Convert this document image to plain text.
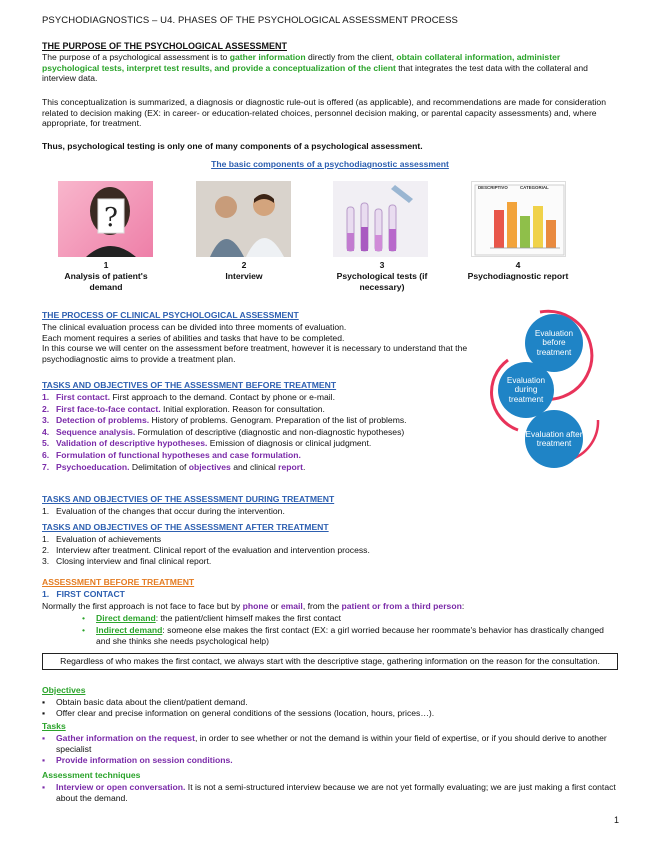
PSYCHODIAGNOSTICS – U4. PHASES OF THE PSYCHOLOGICAL ASSESSMENT PROCESS
THE PURPOSE OF THE PSYCHOLOGICAL ASSESSMENT
The purpose of a psychological assessment is to gather information directly from the client, obtain collateral information, administer psychological tests, interpret test results, and provide a conceptualization of the client that integrates the test data with the collateral and interview data.
This conceptualization is summarized, a diagnosis or diagnostic rule-out is offered (as applicable), and recommendations are made for consideration related to decision making (EX: in career- or education-related choices, personnel decision making, or parental capacity assessments) and, where appropriate, for treatment.
Thus, psychological testing is only one of many components of a psychological assessment.
The basic components of a psychodiagnostic assessment
?
DESCRIPTIVO	CATEGORIAL
1
Analysis of patient's demand
2
Interview
3
Psychological tests (if necessary)
4
Psychodiagnostic report
THE PROCESS OF CLINICAL PSYCHOLOGICAL ASSESSMENT
The clinical evaluation process can be divided into three moments of evaluation.
Each moment requires a series of abilities and tasks that have to be completed.
In this course we will center on the assessment before treatment, however it is necessary to understand that the psychodiagnostic aims to provide a treatment plan.
Evaluation before treatment
Evaluation during treatment
Evaluation after treatment
TASKS AND OBJECTIVES OF THE ASSESSMENT BEFORE TREATMENT
1. First contact. First approach to the demand. Contact by phone or e-mail.
2. First face-to-face contact. Initial exploration. Reason for consultation.
3. Detection of problems. History of problems. Genogram. Preparation of the list of problems.
4. Sequence analysis. Formulation of descriptive (diagnostic and non-diagnostic hypotheses)
5. Validation of descriptive hypotheses. Emission of diagnosis or clinical judgment.
6. Formulation of functional hypotheses and case formulation.
7. Psychoeducation. Delimitation of objectives and clinical report.
TASKS AND OBJECTVIES OF THE ASSESSMENT DURING TREATMENT
1. Evaluation of the changes that occur during the intervention.
TASKS AND OBJECTIVES OF THE ASSESSMENT AFTER TREATMENT
1. Evaluation of achievements
2. Interview after treatment. Clinical report of the evaluation and intervention process.
3. Closing interview and final clinical report.
ASSESSMENT BEFORE TREATMENT
1.   FIRST CONTACT
Normally the first approach is not face to face but by phone or email, from the patient or from a third person:
• Direct demand: the patient/client himself makes the first contact
• Indirect demand: someone else makes the first contact (EX: a girl worried because her roommate's behavior has drastically changed and she thinks she needs psychological help)
Regardless of who makes the first contact, we always start with the descriptive stage, gathering information on the reason for the consultation.
Objectives
▪ Obtain basic data about the client/patient demand.
▪ Offer clear and precise information on general conditions of the sessions (location, hours, prices…).
Tasks
▪ Gather information on the request, in order to see whether or not the demand is within your field of expertise, or if you should derive to another specialist
▪ Provide information on session conditions.
Assessment techniques
▪ Interview or open conversation. It is not a semi-structured interview because we are not yet formally evaluating; we are just making a first contact about the demand.
1
